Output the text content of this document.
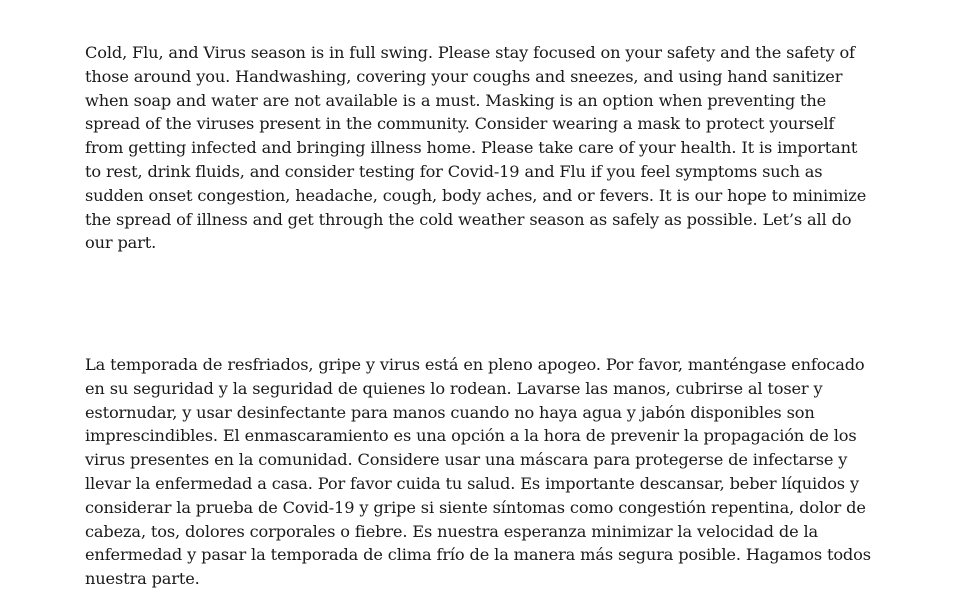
Cold, Flu, and Virus season is in full swing. Please stay focused on your safety and the safety of those around you. Handwashing, covering your coughs and sneezes, and using hand sanitizer when soap and water are not available is a must. Masking is an option when preventing the spread of the viruses present in the community. Consider wearing a mask to protect yourself from getting infected and bringing illness home. Please take care of your health. It is important to rest, drink fluids, and consider testing for Covid-19 and Flu if you feel symptoms such as sudden onset congestion, headache, cough, body aches, and or fevers. It is our hope to minimize the spread of illness and get through the cold weather season as safely as possible. Let’s all do our part.

La temporada de resfriados, gripe y virus está en pleno apogeo. Por favor, manténgase enfocado en su seguridad y la seguridad de quienes lo rodean. Lavarse las manos, cubrirse al toser y estornudar, y usar desinfectante para manos cuando no haya agua y jabón disponibles son imprescindibles. El enmascaramiento es una opción a la hora de prevenir la propagación de los virus presentes en la comunidad. Considere usar una máscara para protegerse de infectarse y llevar la enfermedad a casa. Por favor cuida tu salud. Es importante descansar, beber líquidos y considerar la prueba de Covid-19 y gripe si siente síntomas como congestión repentina, dolor de cabeza, tos, dolores corporales o fiebre. Es nuestra esperanza minimizar la velocidad de la enfermedad y pasar la temporada de clima frío de la manera más segura posible. Hagamos todos nuestra parte.
